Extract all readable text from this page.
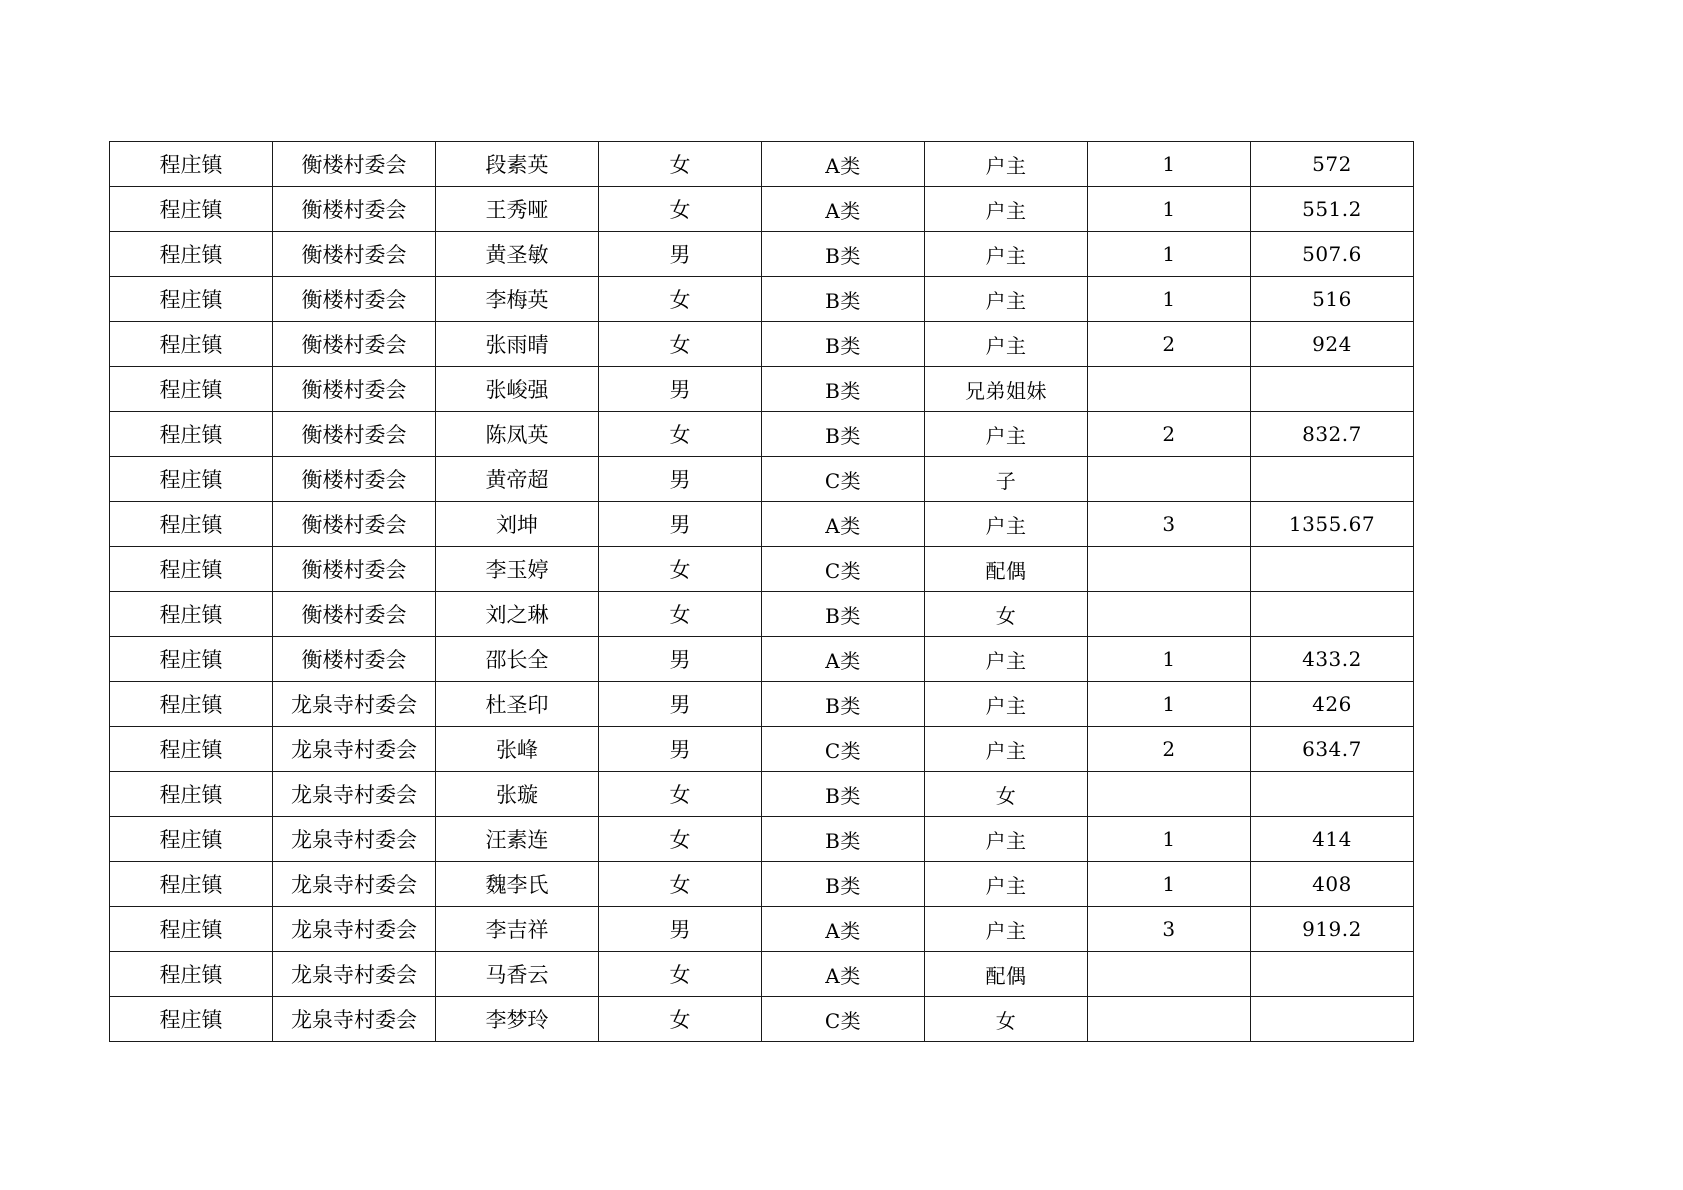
程庄镇	衡楼村委会	段素英	女	A类	户主	1	572
程庄镇	衡楼村委会	王秀哑	女	A类	户主	1	551.2
程庄镇	衡楼村委会	黄圣敏	男	B类	户主	1	507.6
程庄镇	衡楼村委会	李梅英	女	B类	户主	1	516
程庄镇	衡楼村委会	张雨晴	女	B类	户主	2	924
程庄镇	衡楼村委会	张峻强	男	B类	兄弟姐妹		
程庄镇	衡楼村委会	陈凤英	女	B类	户主	2	832.7
程庄镇	衡楼村委会	黄帝超	男	C类	子		
程庄镇	衡楼村委会	刘坤	男	A类	户主	3	1355.67
程庄镇	衡楼村委会	李玉婷	女	C类	配偶		
程庄镇	衡楼村委会	刘之琳	女	B类	女		
程庄镇	衡楼村委会	邵长全	男	A类	户主	1	433.2
程庄镇	龙泉寺村委会	杜圣印	男	B类	户主	1	426
程庄镇	龙泉寺村委会	张峰	男	C类	户主	2	634.7
程庄镇	龙泉寺村委会	张璇	女	B类	女		
程庄镇	龙泉寺村委会	汪素连	女	B类	户主	1	414
程庄镇	龙泉寺村委会	魏李氏	女	B类	户主	1	408
程庄镇	龙泉寺村委会	李吉祥	男	A类	户主	3	919.2
程庄镇	龙泉寺村委会	马香云	女	A类	配偶		
程庄镇	龙泉寺村委会	李梦玲	女	C类	女		
